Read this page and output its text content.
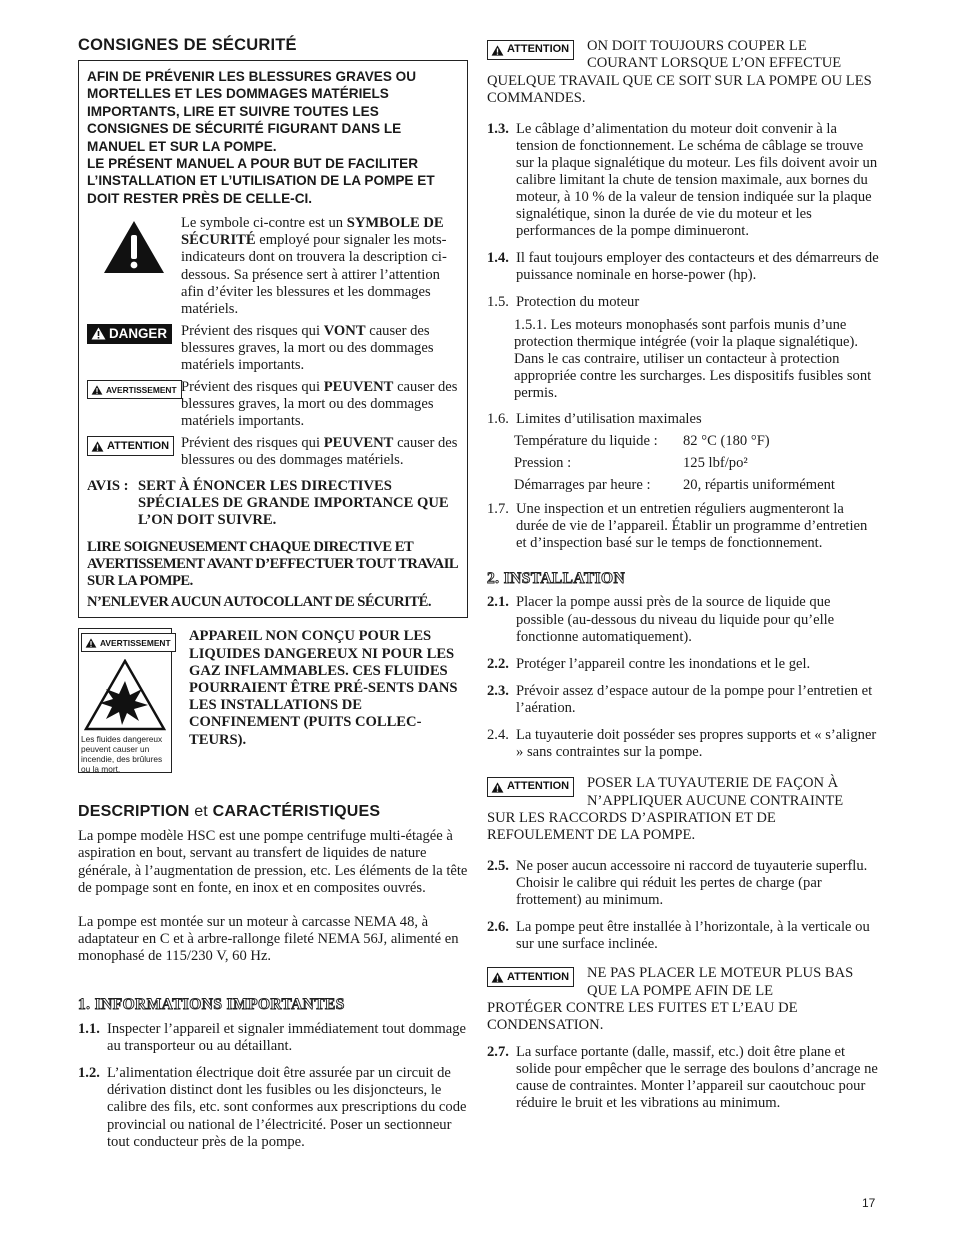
CONSIGNES DE SÉCURITÉ
AFIN DE PRÉVENIR LES BLESSURES GRAVES OU MORTELLES ET LES DOMMAGES MATÉRIELS IMPORTANTS, LIRE ET SUIVRE TOUTES LES CONSIGNES DE SÉCURITÉ FIGURANT DANS LE MANUEL ET SUR LA POMPE.
LE PRÉSENT MANUEL A POUR BUT DE FACILITER L’INSTALLATION ET L’UTILISATION DE LA POMPE ET DOIT RESTER PRÈS DE CELLE-CI.
Le symbole ci-contre est un SYMBOLE DE SÉCURITÉ employé pour signaler les mots-indicateurs dont on trouvera la description ci-dessous. Sa présence sert à attirer l’attention afin d’éviter les blessures et les dommages matériels.
DANGER Prévient des risques qui VONT causer des blessures graves, la mort ou des dommages matériels importants.
AVERTISSEMENT Prévient des risques qui PEUVENT causer des blessures graves, la mort ou des dommages matériels importants.
ATTENTION Prévient des risques qui PEUVENT causer des blessures ou des dommages matériels.
AVIS : SERT À ÉNONCER LES DIRECTIVES SPÉCIALES DE GRANDE IMPORTANCE QUE L’ON DOIT SUIVRE.
LIRE SOIGNEUSEMENT CHAQUE DIRECTIVE ET AVERTISSEMENT AVANT D’EFFECTUER TOUT TRAVAIL SUR LA POMPE.
N’ENLEVER AUCUN AUTOCOLLANT DE SÉCURITÉ.
AVERTISSEMENT
Les fluides dangereux peuvent causer un incendie, des brûlures ou la mort.
APPAREIL NON CONÇU POUR LES LIQUIDES DANGEREUX NI POUR LES GAZ INFLAMMABLES. CES FLUIDES POURRAIENT ÊTRE PRÉ-SENTS DANS LES INSTALLATIONS DE CONFINEMENT (PUITS COLLEC-TEURS).
DESCRIPTION et CARACTÉRISTIQUES

La pompe modèle HSC est une pompe centrifuge multi-étagée à aspiration en bout, servant au transfert de liquides de nature générale, à l’augmentation de pression, etc. Les éléments de la tête de pompage sont en fonte, en inox et en composites ouvrés.

La pompe est montée sur un moteur à carcasse NEMA 48, à adaptateur en C et à arbre-rallonge fileté NEMA 56J, alimenté en monophasé de 115/230 V, 60 Hz.

1. INFORMATIONS IMPORTANTES
1.1. Inspecter l’appareil et signaler immédiatement tout dommage au transporteur ou au détaillant.
1.2. L’alimentation électrique doit être assurée par un circuit de dérivation distinct dont les fusibles ou les disjoncteurs, le calibre des fils, etc. sont conformes aux prescriptions du code provincial ou national de l’électricité. Poser un sectionneur tout conducteur près de la pompe.
ATTENTION ON DOIT TOUJOURS COUPER LE COURANT LORSQUE L’ON EFFECTUE
QUELQUE TRAVAIL QUE CE SOIT SUR LA POMPE OU LES COMMANDES.
1.3. Le câblage d’alimentation du moteur doit convenir à la tension de fonctionnement. Le schéma de câblage se trouve sur la plaque signalétique du moteur. Les fils doivent avoir un calibre limitant la chute de tension maximale, aux bornes du moteur, à 10 % de la valeur de tension indiquée sur la plaque signalétique, sinon la durée de vie du moteur et les performances de la pompe diminueront.
1.4. Il faut toujours employer des contacteurs et des démarreurs de puissance nominale en horse-power (hp).
1.5. Protection du moteur

1.5.1. Les moteurs monophasés sont parfois munis d’une protection thermique intégrée (voir la plaque signalétique). Dans le cas contraire, utiliser un contacteur à protection appropriée contre les surcharges. Les dispositifs fusibles sont permis.

1.6. Limites d’utilisation maximales
Température du liquide :	82 °C (180 °F)
Pression :	125 lbf/po²
Démarrages par heure :	20, répartis uniformément
1.7. Une inspection et un entretien réguliers augmenteront la durée de vie de l’appareil. Établir un programme d’entretien et d’inspection basé sur le temps de fonctionnement.
2. INSTALLATION
2.1. Placer la pompe aussi près de la source de liquide que possible (au-dessous du niveau du liquide pour qu’elle fonctionne automatiquement).
2.2. Protéger l’appareil contre les inondations et le gel.
2.3. Prévoir assez d’espace autour de la pompe pour l’entretien et l’aération.
2.4. La tuyauterie doit posséder ses propres supports et « s’aligner » sans contraintes sur la pompe.
ATTENTION POSER LA TUYAUTERIE DE FAÇON À N’APPLIQUER AUCUNE CONTRAINTE
SUR LES RACCORDS D’ASPIRATION ET DE REFOULEMENT DE LA POMPE.
2.5. Ne poser aucun accessoire ni raccord de tuyauterie superflu. Choisir le calibre qui réduit les pertes de charge (par frottement) au minimum.
2.6. La pompe peut être installée à l’horizontale, à la verticale ou sur une surface inclinée.
ATTENTION NE PAS PLACER LE MOTEUR PLUS BAS QUE LA POMPE AFIN DE LE
PROTÉGER CONTRE LES FUITES ET L’EAU DE CONDENSATION.
2.7. La surface portante (dalle, massif, etc.) doit être plane et solide pour empêcher que le serrage des boulons d’ancrage ne cause de contraintes. Monter l’appareil sur caoutchouc pour réduire le bruit et les vibrations au minimum.
17
